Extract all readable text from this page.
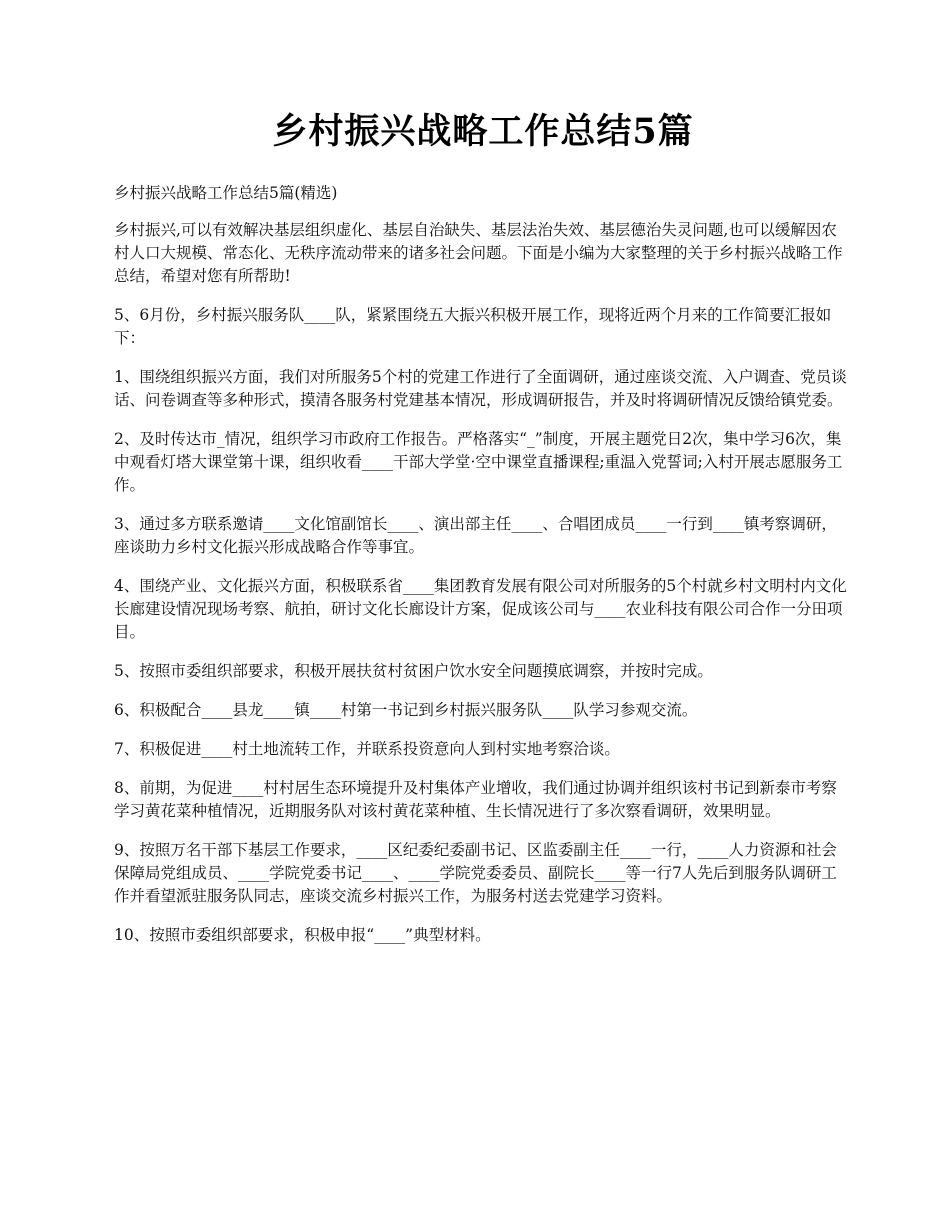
乡村振兴战略工作总结5篇

乡村振兴战略工作总结5篇(精选)

乡村振兴,可以有效解决基层组织虚化、基层自治缺失、基层法治失效、基层德治失灵问题,也可以缓解因农村人口大规模、常态化、无秩序流动带来的诸多社会问题。下面是小编为大家整理的关于乡村振兴战略工作总结，希望对您有所帮助!

5、6月份，乡村振兴服务队____队，紧紧围绕五大振兴积极开展工作，现将近两个月来的工作简要汇报如下：

1、围绕组织振兴方面，我们对所服务5个村的党建工作进行了全面调研，通过座谈交流、入户调查、党员谈话、问卷调查等多种形式，摸清各服务村党建基本情况，形成调研报告，并及时将调研情况反馈给镇党委。

2、及时传达市_情况，组织学习市政府工作报告。严格落实“_”制度，开展主题党日2次，集中学习6次，集中观看灯塔大课堂第十课，组织收看____干部大学堂·空中课堂直播课程;重温入党誓词;入村开展志愿服务工作。

3、通过多方联系邀请____文化馆副馆长____、演出部主任____、合唱团成员____一行到____镇考察调研，座谈助力乡村文化振兴形成战略合作等事宜。

4、围绕产业、文化振兴方面，积极联系省____集团教育发展有限公司对所服务的5个村就乡村文明村内文化长廊建设情况现场考察、航拍，研讨文化长廊设计方案，促成该公司与____农业科技有限公司合作一分田项目。

5、按照市委组织部要求，积极开展扶贫村贫困户饮水安全问题摸底调察，并按时完成。

6、积极配合____县龙____镇____村第一书记到乡村振兴服务队____队学习参观交流。

7、积极促进____村土地流转工作，并联系投资意向人到村实地考察洽谈。

8、前期，为促进____村村居生态环境提升及村集体产业增收，我们通过协调并组织该村书记到新泰市考察学习黄花菜种植情况，近期服务队对该村黄花菜种植、生长情况进行了多次察看调研，效果明显。

9、按照万名干部下基层工作要求，____区纪委纪委副书记、区监委副主任____一行，____人力资源和社会保障局党组成员、____学院党委书记____、____学院党委委员、副院长____等一行7人先后到服务队调研工作并看望派驻服务队同志，座谈交流乡村振兴工作，为服务村送去党建学习资料。

10、按照市委组织部要求，积极申报“____”典型材料。
